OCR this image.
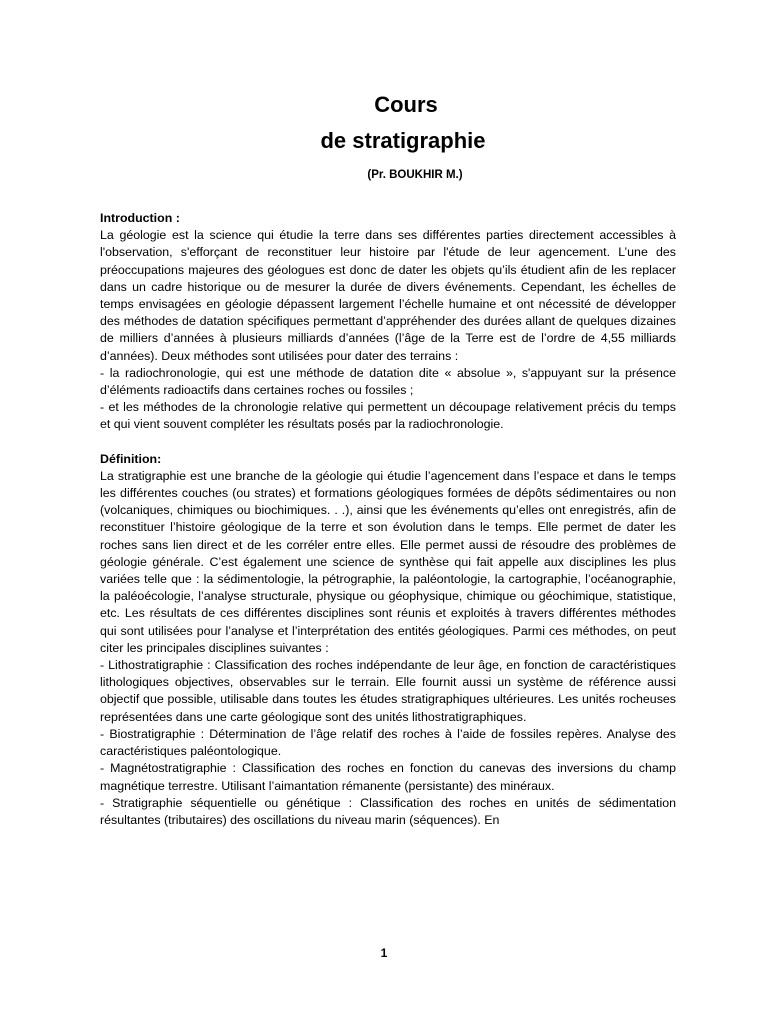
Cours
de stratigraphie
(Pr. BOUKHIR M.)
Introduction :

La géologie est la science qui étudie la terre dans ses différentes parties directement accessibles à l'observation, s'efforçant de reconstituer leur histoire par l'étude de leur agencement. L’une des préoccupations majeures des géologues est donc de dater les objets qu’ils étudient afin de les replacer dans un cadre historique ou de mesurer la durée de divers événements. Cependant, les échelles de temps envisagées en géologie dépassent largement l’échelle humaine et ont nécessité de développer des méthodes de datation spécifiques permettant d’appréhender des durées allant de quelques dizaines de milliers d’années à plusieurs milliards d’années (l’âge de la Terre est de l’ordre de 4,55 milliards d’années). Deux méthodes sont utilisées pour dater des terrains :

- la radiochronologie, qui est une méthode de datation dite « absolue », s'appuyant sur la présence d’éléments radioactifs dans certaines roches ou fossiles ;

- et les méthodes de la chronologie relative qui permettent un découpage relativement précis du temps et qui vient souvent compléter les résultats posés par la radiochronologie.

Définition:

La stratigraphie est une branche de la géologie qui étudie l’agencement dans l’espace et dans le temps les différentes couches (ou strates) et formations géologiques formées de dépôts sédimentaires ou non (volcaniques, chimiques ou biochimiques. . .), ainsi que les événements qu’elles ont enregistrés, afin de reconstituer l’histoire géologique de la terre et son évolution dans le temps. Elle permet de dater les roches sans lien direct et de les corréler entre elles. Elle permet aussi de résoudre des problèmes de géologie générale. C’est également une science de synthèse qui fait appelle aux disciplines les plus variées telle que : la sédimentologie, la pétrographie, la paléontologie, la cartographie, l’océanographie, la paléoécologie, l’analyse structurale, physique ou géophysique, chimique ou géochimique, statistique, etc. Les résultats de ces différentes disciplines sont réunis et exploités à travers différentes méthodes qui sont utilisées pour l’analyse et l’interprétation des entités géologiques. Parmi ces méthodes, on peut citer les principales disciplines suivantes :

- Lithostratigraphie : Classification des roches indépendante de leur âge, en fonction de caractéristiques lithologiques objectives, observables sur le terrain. Elle fournit aussi un système de référence aussi objectif que possible, utilisable dans toutes les études stratigraphiques ultérieures. Les unités rocheuses représentées dans une carte géologique sont des unités lithostratigraphiques.

- Biostratigraphie : Détermination de l’âge relatif des roches à l’aide de fossiles repères. Analyse des caractéristiques paléontologique.

- Magnétostratigraphie : Classification des roches en fonction du canevas des inversions du champ magnétique terrestre. Utilisant l’aimantation rémanente (persistante) des minéraux.

- Stratigraphie séquentielle ou génétique : Classification des roches en unités de sédimentation résultantes (tributaires) des oscillations du niveau marin (séquences). En

1
